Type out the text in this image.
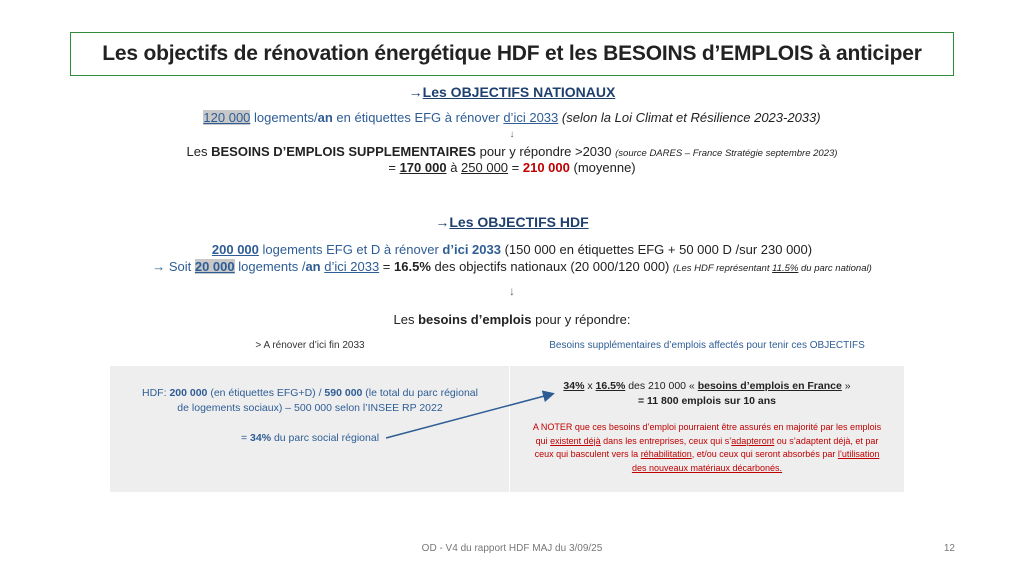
Les objectifs de rénovation énergétique HDF et les BESOINS d’EMPLOIS à anticiper
→Les OBJECTIFS NATIONAUX
120 000 logements/an en étiquettes EFG à rénover d’ici 2033 (selon la Loi Climat et Résilience 2023-2033)
↓
Les BESOINS D’EMPLOIS SUPPLEMENTAIRES pour y répondre >2030 (source DARES – France Stratégie septembre 2023)
= 170 000 à 250 000 = 210 000 (moyenne)
→Les OBJECTIFS HDF
200 000 logements EFG et D à rénover d’ici 2033 (150 000 en étiquettes EFG + 50 000 D /sur 230 000)
→ Soit 20 000 logements /an d’ici 2033 = 16.5% des objectifs nationaux (20 000/120 000) (Les HDF représentant 11.5% du parc national)
↓
Les besoins d’emplois pour y répondre:
> A rénover d’ici fin 2033	Besoins supplémentaires d’emplois affectés pour tenir ces OBJECTIFS
HDF: 200 000 (en étiquettes EFG+D) / 590 000 (le total du parc régional
de logements sociaux) – 500 000 selon l’INSEE RP 2022
= 34% du parc social régional
34% x 16.5% des 210 000 « besoins d’emplois en France »
= 11 800 emplois sur 10 ans
A NOTER que ces besoins d’emploi pourraient être assurés en majorité par les emplois
qui existent déjà dans les entreprises, ceux qui s’adapteront ou s’adaptent déjà, et par
ceux qui basculent vers la réhabilitation, et/ou ceux qui seront absorbés par l’utilisation
des nouveaux matériaux décarbonés.
OD - V4 du rapport HDF MAJ du 3/09/25	12
